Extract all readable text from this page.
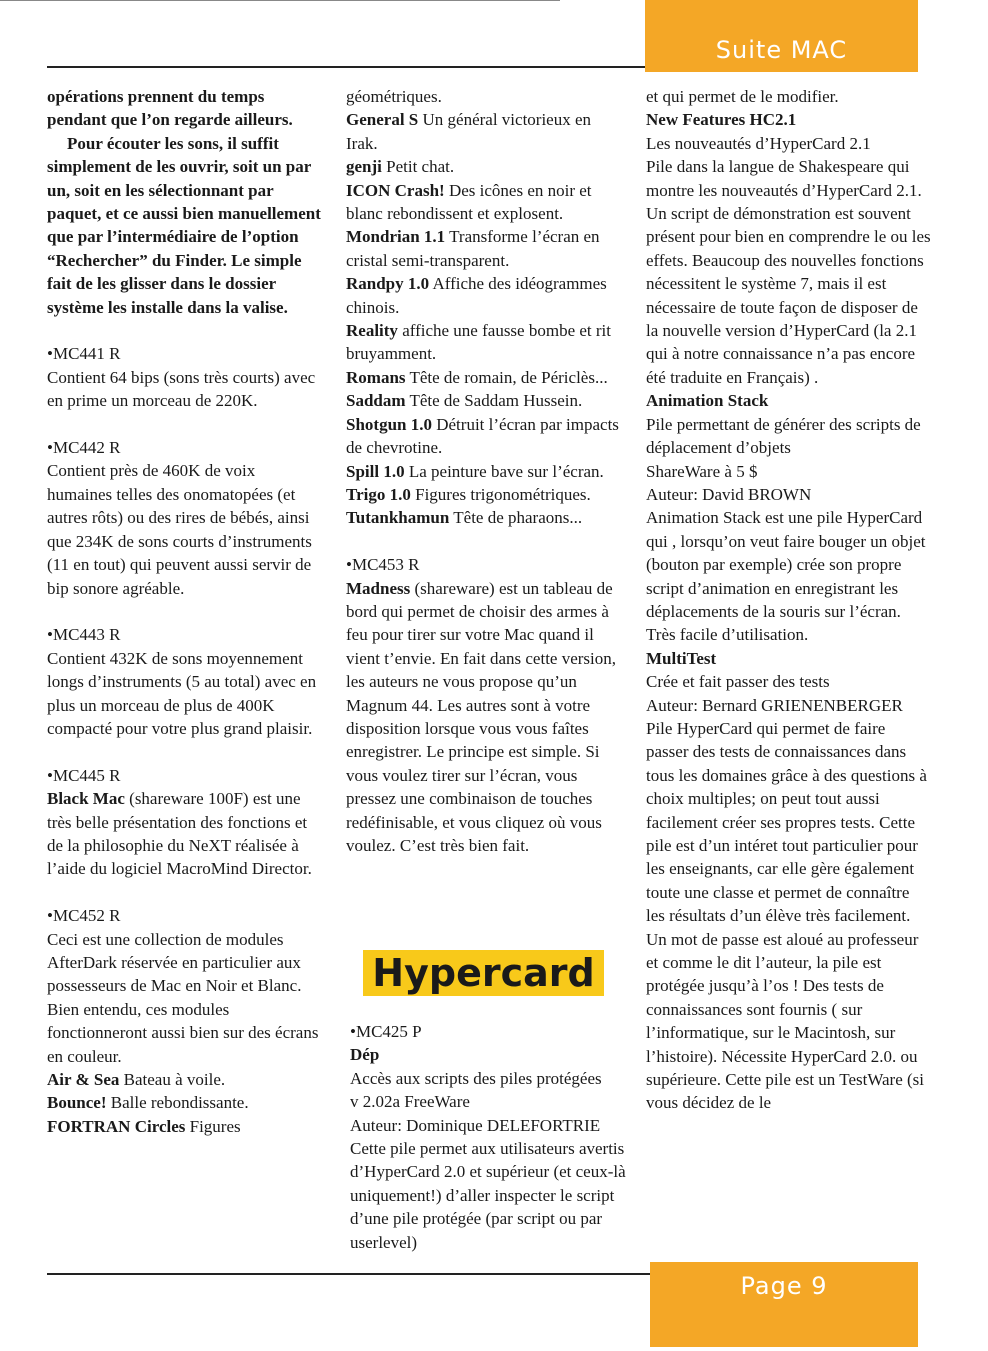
Suite MAC
Page 9

opérations prennent du temps pendant que l’on regarde ailleurs.

Pour écouter les sons, il suffit simplement de les ouvrir, soit un par un, soit en les sélectionnant par paquet, et ce aussi bien manuellement que par l’intermédiaire de l’option “Rechercher” du Finder. Le simple fait de les glisser dans le dossier système les installe dans la valise.

•MC441 R

Contient 64 bips (sons très courts) avec en prime un morceau de 220K.

•MC442 R

Contient près de 460K de voix humaines telles des onomatopées (et autres rôts) ou des rires de bébés, ainsi que 234K de sons courts d’instruments (11 en tout) qui peuvent aussi servir de bip sonore agréable.

•MC443 R

Contient 432K de sons moyennement longs d’instruments (5 au total) avec en plus un morceau de plus de 400K compacté pour votre plus grand plaisir.

•MC445 R

Black Mac (shareware 100F) est une très belle présentation des fonctions et de la philosophie du NeXT réalisée à l’aide du logiciel MacroMind Director.

•MC452 R

Ceci est une collection de modules AfterDark réservée en particulier aux possesseurs de Mac en Noir et Blanc. Bien entendu, ces modules fonctionneront aussi bien sur des écrans en couleur.

Air & Sea Bateau à voile.

Bounce! Balle rebondissante.

FORTRAN Circles Figures

géométriques.

General S Un général victorieux en Irak.

genji Petit chat.

ICON Crash! Des icônes en noir et blanc rebondissent et explosent.

Mondrian 1.1 Transforme l’écran en cristal semi-transparent.

Randpy 1.0 Affiche des idéogrammes chinois.

Reality affiche une fausse bombe et rit bruyamment.

Romans Tête de romain, de Périclès...

Saddam Tête de Saddam Hussein.

Shotgun 1.0 Détruit l’écran par impacts de chevrotine.

Spill 1.0 La peinture bave sur l’écran.

Trigo 1.0 Figures trigonométriques.

Tutankhamun Tête de pharaons...

•MC453 R

Madness (shareware) est un tableau de bord qui permet de choisir des armes à feu pour tirer sur votre Mac quand il vient t’envie. En fait dans cette version, les auteurs ne vous propose qu’un Magnum 44. Les autres sont à votre disposition lorsque vous vous faîtes enregistrer. Le principe est simple. Si vous voulez tirer sur l’écran, vous pressez une combinaison de touches redéfinisable, et vous cliquez où vous voulez. C’est très bien fait.

Hypercard

•MC425 P

Dép

Accès aux scripts des piles protégées

v 2.02a FreeWare

Auteur: Dominique DELEFORTRIE

Cette pile permet aux utilisateurs avertis d’HyperCard 2.0 et supérieur (et ceux-là uniquement!) d’aller inspecter le script d’une pile protégée (par script ou par userlevel)

et qui permet de le modifier.

New Features HC2.1

Les nouveautés d’HyperCard 2.1

Pile dans la langue de Shakespeare qui montre les nouveautés d’HyperCard 2.1. Un script de démonstration est souvent présent pour bien en comprendre le ou les effets. Beaucoup des nouvelles fonctions nécessitent le système 7, mais il est nécessaire de toute façon de disposer de la nouvelle version d’HyperCard (la 2.1 qui à notre connaissance n’a pas encore été traduite en Français) .

Animation Stack

Pile permettant de générer des scripts de déplacement d’objets

ShareWare à 5 $

Auteur: David BROWN

Animation Stack est une pile HyperCard qui , lorsqu’on veut faire bouger un objet (bouton par exemple) crée son propre script d’animation en enregistrant les déplacements de la souris sur l’écran. Très facile d’utilisation.

MultiTest

Crée et fait passer des tests

Auteur: Bernard GRIENENBERGER

Pile HyperCard qui permet de faire passer des tests de connaissances dans tous les domaines grâce à des questions à choix multiples; on peut tout aussi facilement créer ses propres tests. Cette pile est d’un intéret tout particulier pour les enseignants, car elle gère également toute une classe et permet de connaître les résultats d’un élève très facilement. Un mot de passe est aloué au professeur et comme le dit l’auteur, la pile est protégée jusqu’à l’os ! Des tests de connaissances sont fournis ( sur l’informatique, sur le Macintosh, sur l’histoire). Nécessite HyperCard 2.0. ou supérieure. Cette pile est un TestWare (si vous décidez de le
